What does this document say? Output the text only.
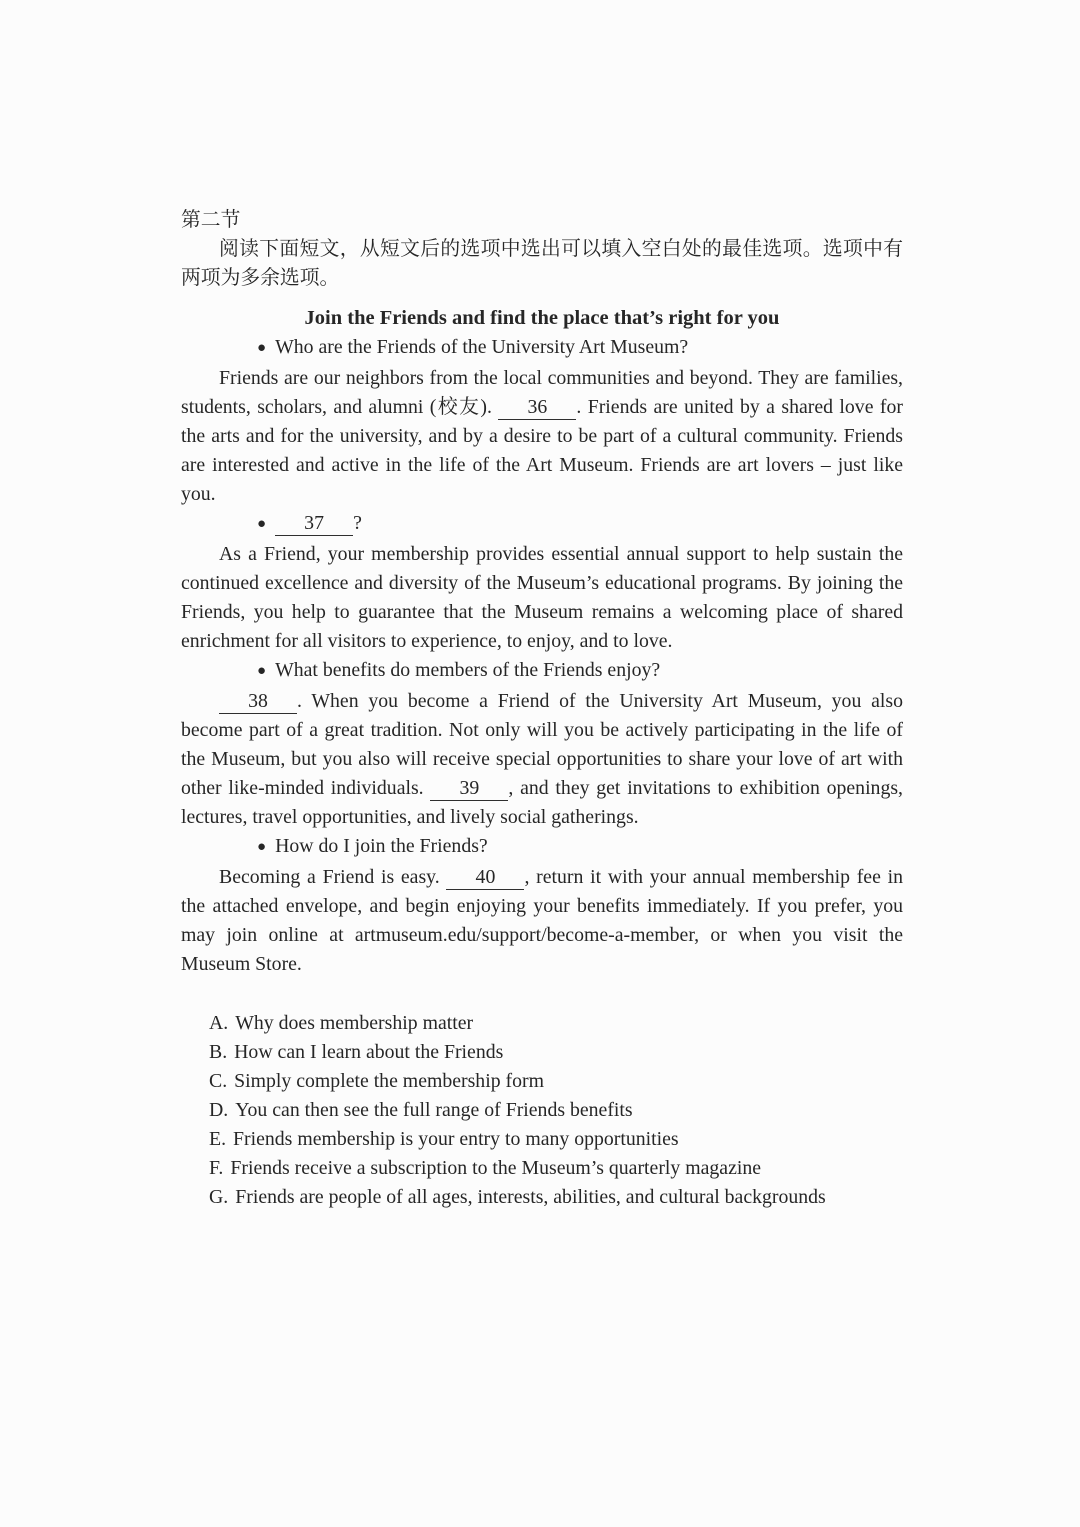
第二节

阅读下面短文，从短文后的选项中选出可以填入空白处的最佳选项。选项中有两项为多余选项。

Join the Friends and find the place that’s right for you
● Who are the Friends of the University Art Museum?

Friends are our neighbors from the local communities and beyond. They are families, students, scholars, and alumni (校友). 36 . Friends are united by a shared love for the arts and for the university, and by a desire to be part of a cultural community. Friends are interested and active in the life of the Art Museum. Friends are art lovers – just like you.

● 37 ?

As a Friend, your membership provides essential annual support to help sustain the continued excellence and diversity of the Museum’s educational programs. By joining the Friends, you help to guarantee that the Museum remains a welcoming place of shared enrichment for all visitors to experience, to enjoy, and to love.

● What benefits do members of the Friends enjoy?

38 . When you become a Friend of the University Art Museum, you also become part of a great tradition. Not only will you be actively participating in the life of the Museum, but you also will receive special opportunities to share your love of art with other like-minded individuals. 39 , and they get invitations to exhibition openings, lectures, travel opportunities, and lively social gatherings.

● How do I join the Friends?

Becoming a Friend is easy. 40 , return it with your annual membership fee in the attached envelope, and begin enjoying your benefits immediately. If you prefer, you may join online at artmuseum.edu/support/become-a-member, or when you visit the Museum Store.

A. Why does membership matter
B. How can I learn about the Friends
C. Simply complete the membership form
D. You can then see the full range of Friends benefits
E. Friends membership is your entry to many opportunities
F. Friends receive a subscription to the Museum’s quarterly magazine
G. Friends are people of all ages, interests, abilities, and cultural backgrounds
